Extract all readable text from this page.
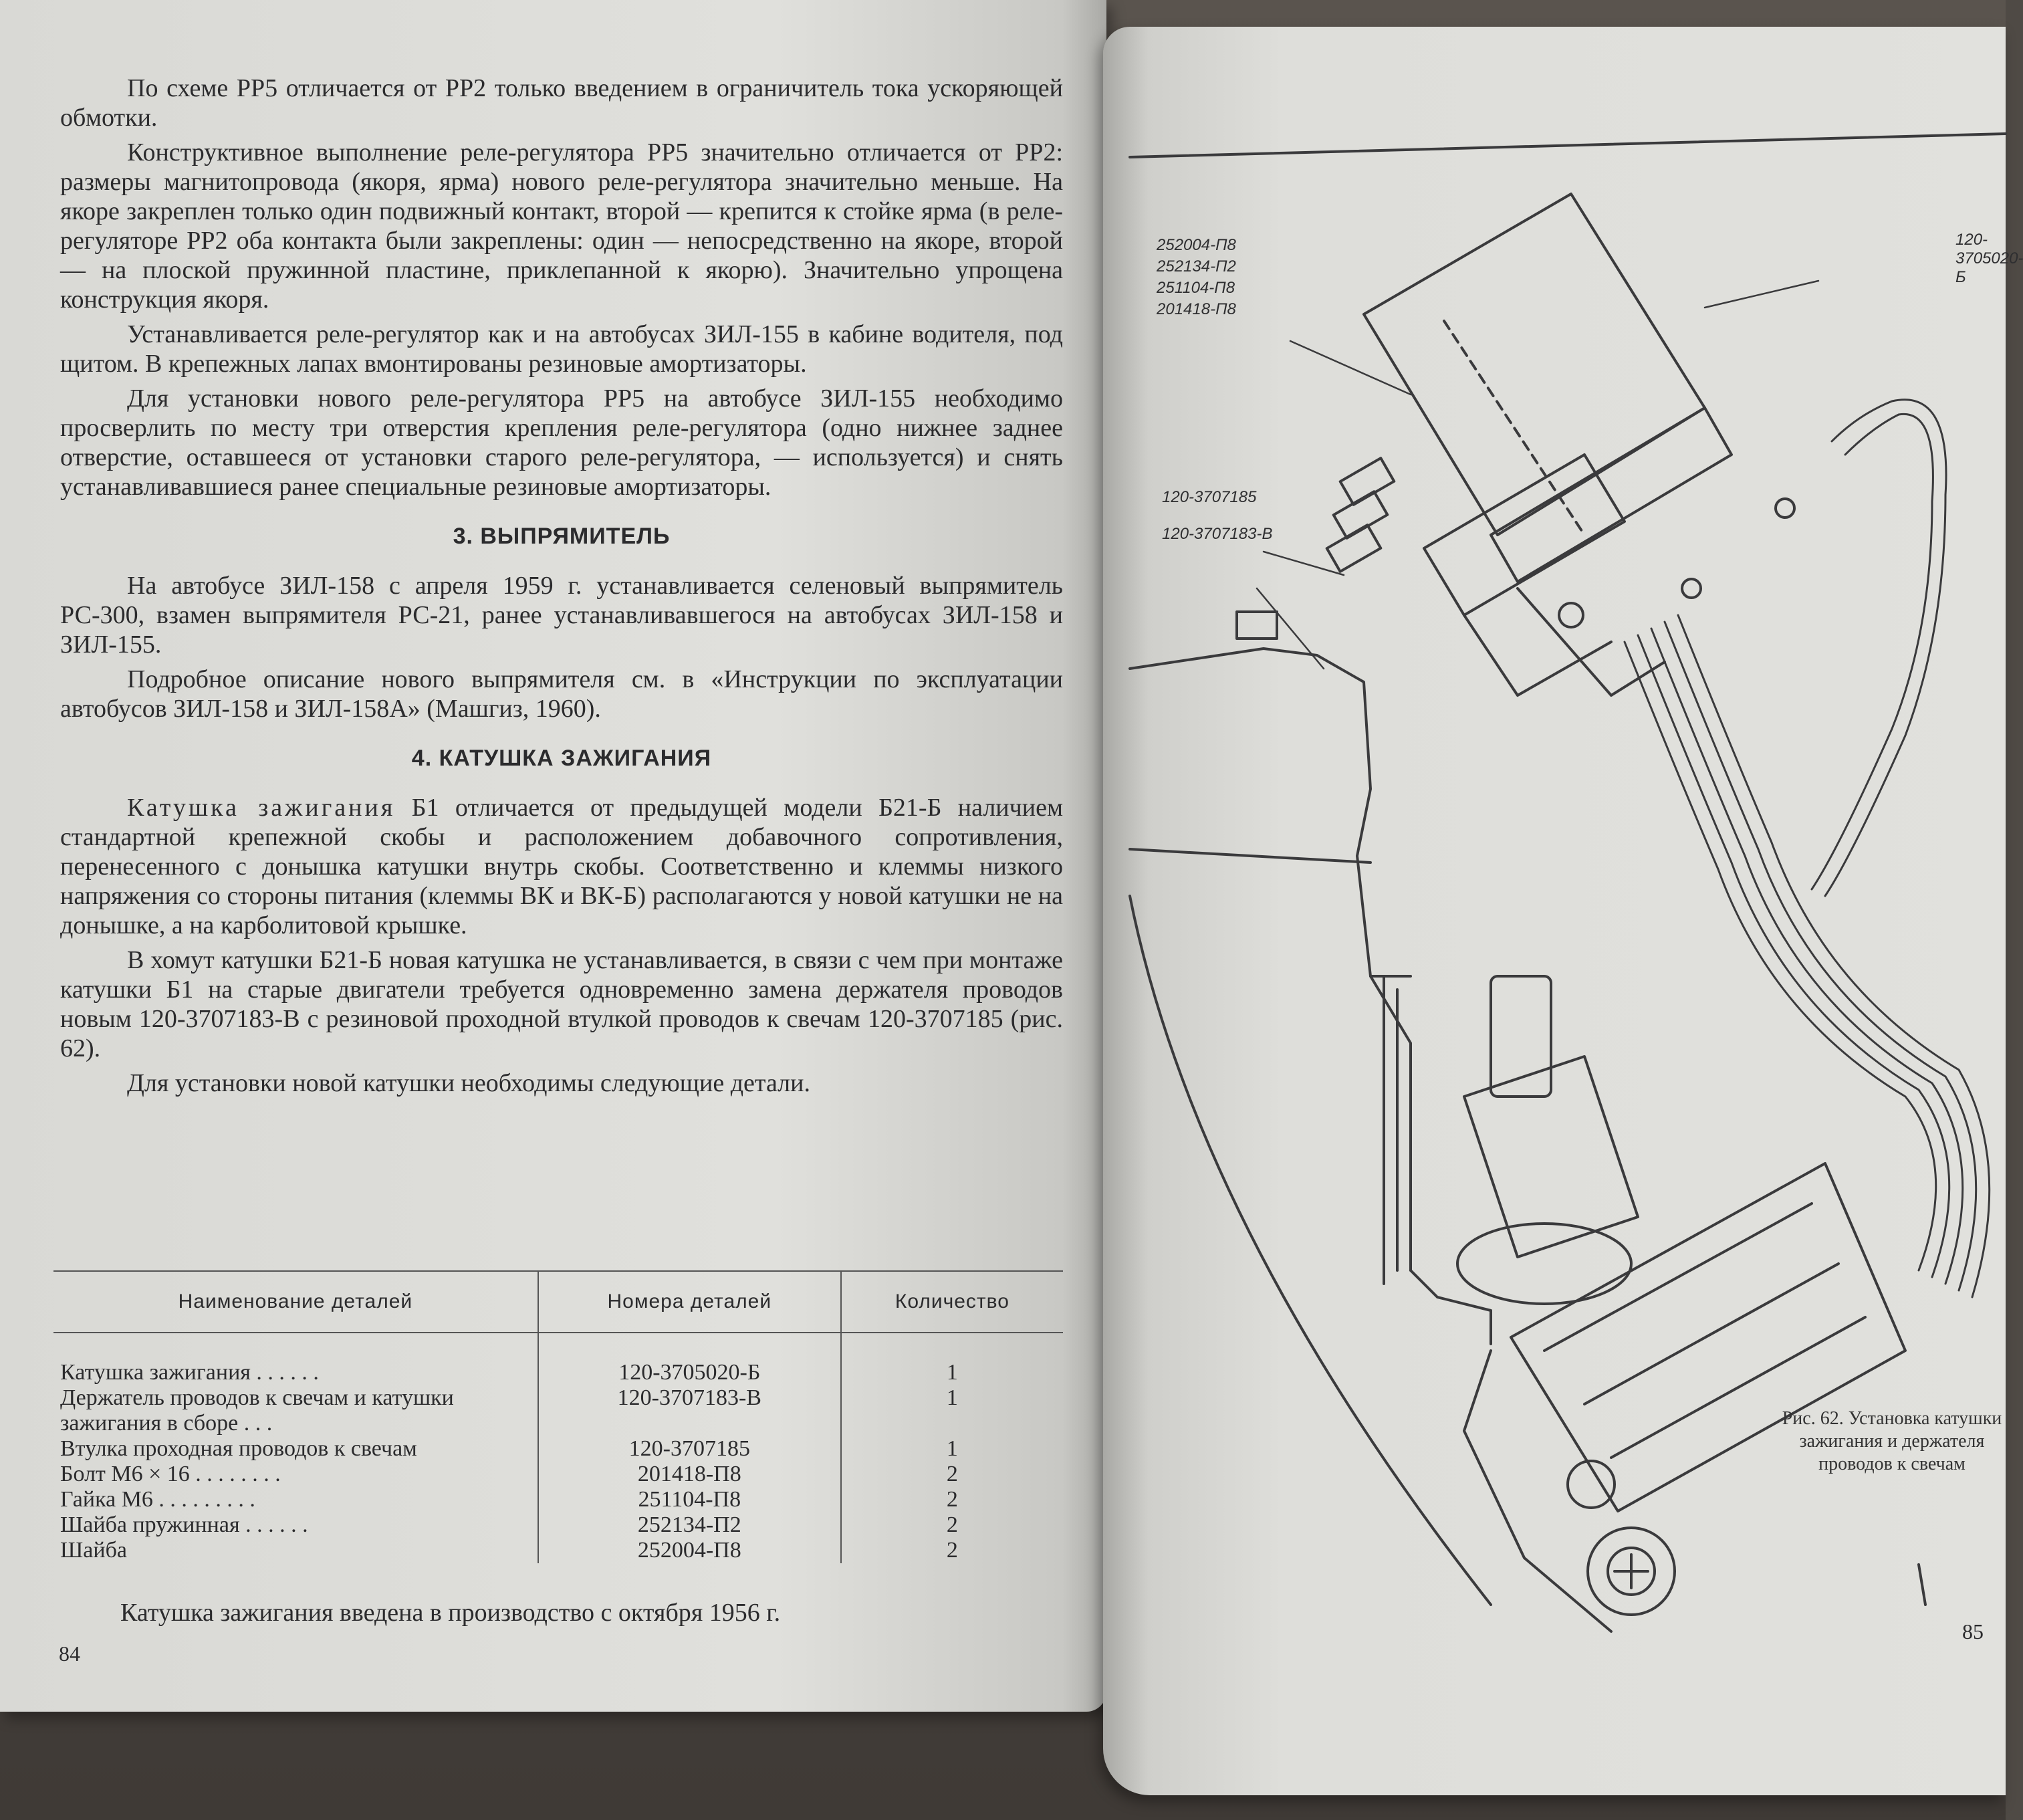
По схеме РР5 отличается от РР2 только введением в ограничитель тока ускоряющей обмотки.

Конструктивное выполнение реле-регулятора РР5 значительно отличается от РР2: размеры магнитопровода (якоря, ярма) нового реле-регулятора значительно меньше. На якоре закреплен только один подвижный контакт, второй — крепится к стойке ярма (в реле-регуляторе РР2 оба контакта были закреплены: один — непосредственно на якоре, второй — на плоской пружинной пластине, приклепанной к якорю). Значительно упрощена конструкция якоря.

Устанавливается реле-регулятор как и на автобусах ЗИЛ-155 в кабине водителя, под щитом. В крепежных лапах вмонтированы резиновые амортизаторы.

Для установки нового реле-регулятора РР5 на автобусе ЗИЛ-155 необходимо просверлить по месту три отверстия крепления реле-регулятора (одно нижнее заднее отверстие, оставшееся от установки старого реле-регулятора, — используется) и снять устанавливавшиеся ранее специальные резиновые амортизаторы.

3. ВЫПРЯМИТЕЛЬ

На автобусе ЗИЛ-158 с апреля 1959 г. устанавливается селеновый выпрямитель РС-300, взамен выпрямителя РС-21, ранее устанавливавшегося на автобусах ЗИЛ-158 и ЗИЛ-155.

Подробное описание нового выпрямителя см. в «Инструкции по эксплуатации автобусов ЗИЛ-158 и ЗИЛ-158А» (Машгиз, 1960).

4. КАТУШКА ЗАЖИГАНИЯ

Катушка зажигания Б1 отличается от предыдущей модели Б21-Б наличием стандартной крепежной скобы и расположением добавочного сопротивления, перенесенного с донышка катушки внутрь скобы. Соответственно и клеммы низкого напряжения со стороны питания (клеммы ВК и ВК-Б) располагаются у новой катушки не на донышке, а на карболитовой крышке.

В хомут катушки Б21-Б новая катушка не устанавливается, в связи с чем при монтаже катушки Б1 на старые двигатели требуется одновременно замена держателя проводов новым 120-3707183-В с резиновой проходной втулкой проводов к свечам 120-3707185 (рис. 62).

Для установки новой катушки необходимы следующие детали.

Наименование деталей	Номера деталей	Количество
Катушка зажигания . . . . . .	120-3705020-Б	1
Держатель проводов к свечам и катушки зажигания в сборе . . .	120-3707183-В	1
Втулка проходная проводов к свечам	120-3707185	1
Болт М6 × 16 . . . . . . . .	201418-П8	2
Гайка М6 . . . . . . . . .	251104-П8	2
Шайба пружинная . . . . . .	252134-П2	2
Шайба	252004-П8	2
Катушка зажигания введена в производство с октября 1956 г.
84
120-3705020-Б
252004-П8
252134-П2
251104-П8
201418-П8
120-3707185
120-3707183-В
Рис. 62. Установка катушки зажигания и держателя проводов к свечам
85
